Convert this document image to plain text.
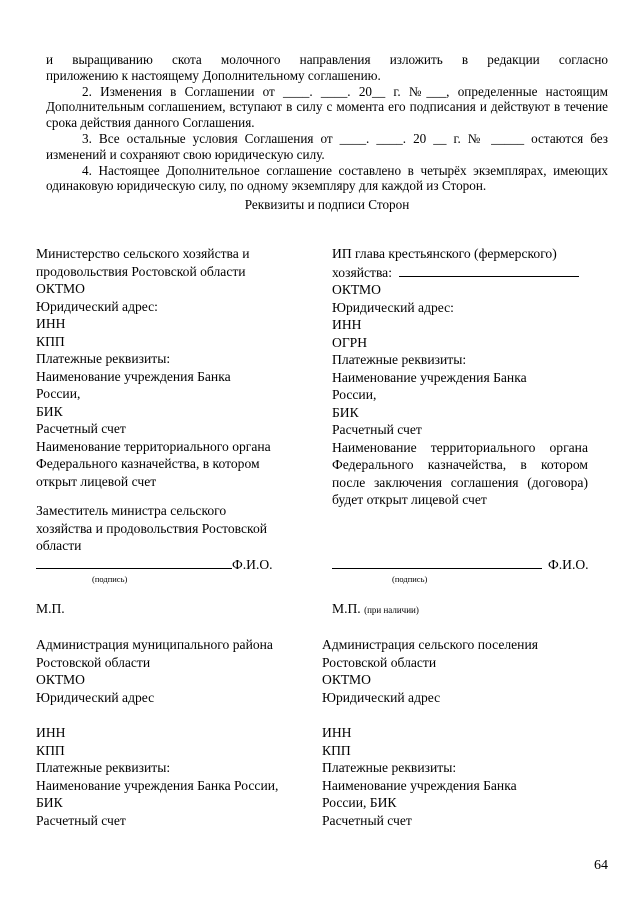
и выращиванию скота молочного направления изложить в редакции согласно

приложению к настоящему Дополнительному соглашению.

2. Изменения в Соглашении от ____. ____. 20__ г. №___, определенные настоящим Дополнительным соглашением, вступают в силу с момента его подписания и действуют в течение срока действия данного Соглашения.

3. Все остальные условия Соглашения от ____. ____. 20 __ г. № _____ остаются без изменений и сохраняют свою юридическую силу.

4. Настоящее Дополнительное соглашение составлено в четырёх экземплярах, имеющих одинаковую юридическую силу, по одному экземпляру для каждой из Сторон.

Реквизиты и подписи Сторон

Министерство сельского хозяйства и
продовольствия Ростовской области
ОКТМО
Юридический адрес:
ИНН
КПП
Платежные реквизиты:
Наименование учреждения Банка
России,
БИК
Расчетный счет
Наименование территориального органа
Федерального казначейства, в котором
открыт лицевой счет
Заместитель министра сельского
хозяйства и продовольствия Ростовской
области
ИП глава крестьянского (фермерского)
хозяйства:
ОКТМО
Юридический адрес:
ИНН
ОГРН
Платежные реквизиты:
Наименование учреждения Банка
России,
БИК
Расчетный счет
Наименование территориального органа Федерального казначейства, в котором после заключения соглашения (договора) будет открыт лицевой счет
Ф.И.О.
(подпись)
Ф.И.О.
(подпись)
М.П.	М.П. (при наличии)
Администрация муниципального района
Ростовской области
ОКТМО
Юридический адрес
ИНН
КПП
Платежные реквизиты:
Наименование учреждения Банка России,
БИК
Расчетный счет
Администрация сельского поселения
Ростовской области
ОКТМО
Юридический адрес
ИНН
КПП
Платежные реквизиты:
Наименование учреждения Банка
России, БИК
Расчетный счет
64
